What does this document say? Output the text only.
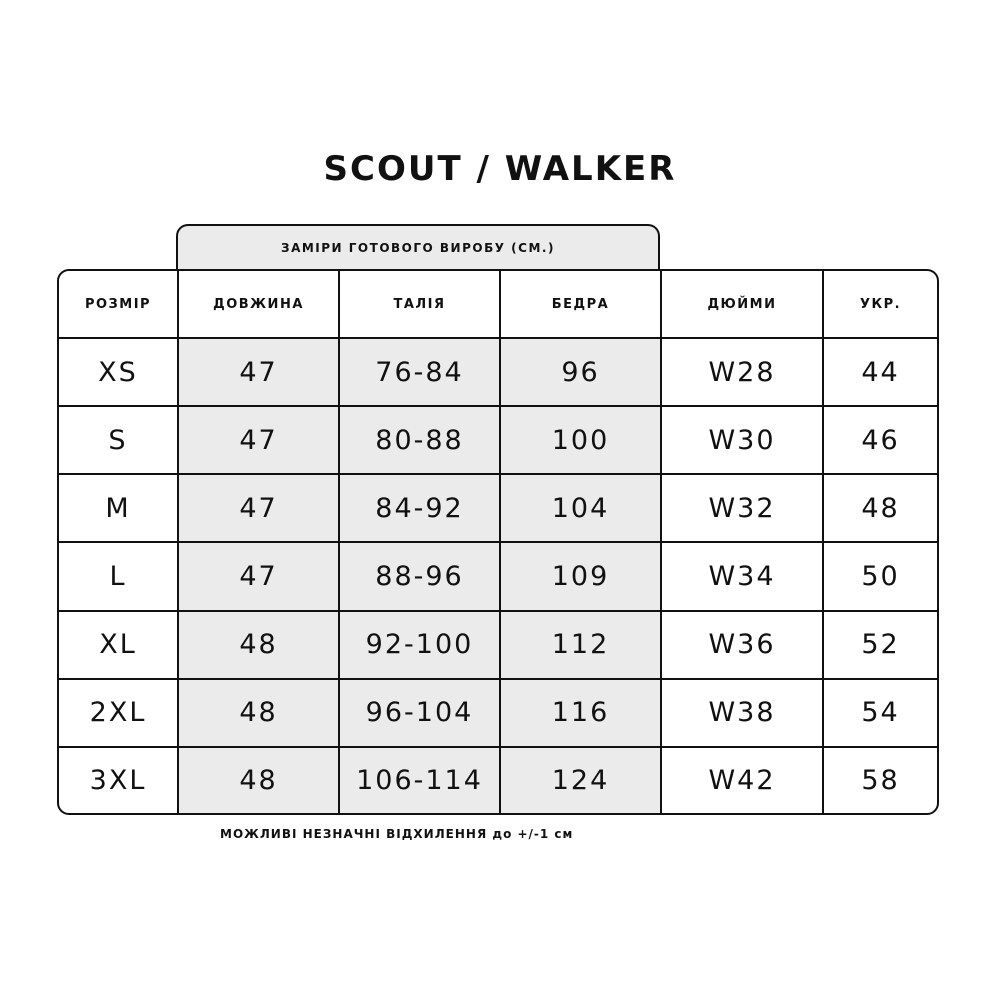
SCOUT / WALKER
ЗАМІРИ ГОТОВОГО ВИРОБУ (СМ.)
РОЗМІР	ДОВЖИНА	ТАЛІЯ	БЕДРА	ДЮЙМИ	УКР.
XS	47	76-84	96	W28	44
S	47	80-88	100	W30	46
M	47	84-92	104	W32	48
L	47	88-96	109	W34	50
XL	48	92-100	112	W36	52
2XL	48	96-104	116	W38	54
3XL	48	106-114	124	W42	58
МОЖЛИВІ НЕЗНАЧНІ ВІДХИЛЕННЯ до +/-1 см
